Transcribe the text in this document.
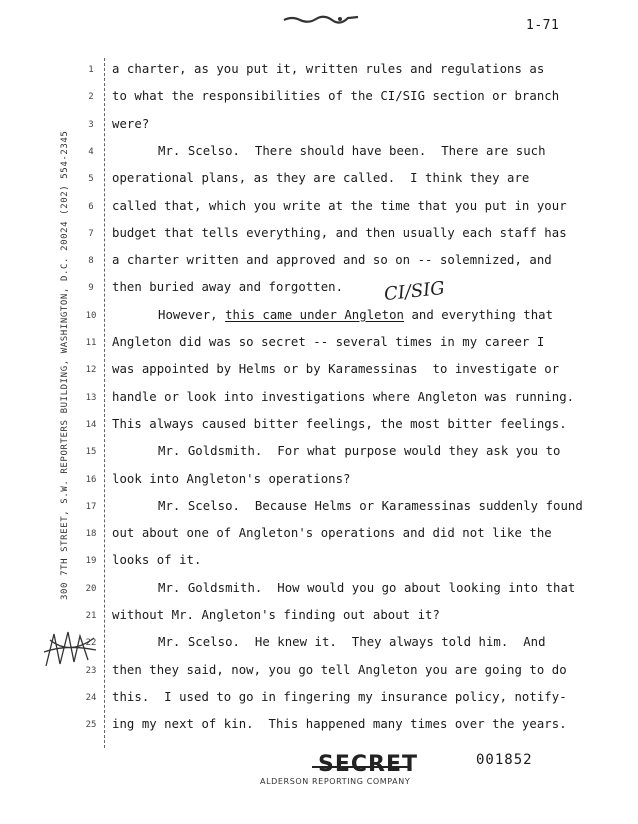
1-71
300 7TH STREET, S.W. REPORTERS BUILDING, WASHINGTON, D.C. 20024 (202) 554-2345
1	a charter, as you put it, written rules and regulations as
2	to what the responsibilities of the CI/SIG section or branch
3	were?
4	Mr. Scelso.  There should have been.  There are such
5	operational plans, as they are called.  I think they are
6	called that, which you write at the time that you put in your
7	budget that tells everything, and then usually each staff has
8	a charter written and approved and so on -- solemnized, and
9	then buried away and forgotten.
10	However, this came under Angleton and everything that
11 Angleton did was so secret -- several times in my career I
12 was appointed by Helms or by Karamessinas  to investigate or
13 handle or look into investigations where Angleton was running.
14 This always caused bitter feelings, the most bitter feelings.
15	Mr. Goldsmith.  For what purpose would they ask you to
16 look into Angleton's operations?
17	Mr. Scelso.  Because Helms or Karamessinas suddenly found
18 out about one of Angleton's operations and did not like the
19 looks of it.
20	Mr. Goldsmith.  How would you go about looking into that
21 without Mr. Angleton's finding out about it?
22	Mr. Scelso.  He knew it.  They always told him.  And
23 then they said, now, you go tell Angleton you are going to do
24 this.  I used to go in fingering my insurance policy, notify-
25 ing my next of kin.  This happened many times over the years.
CI/SIG
SECRET	001852
ALDERSON REPORTING COMPANY
